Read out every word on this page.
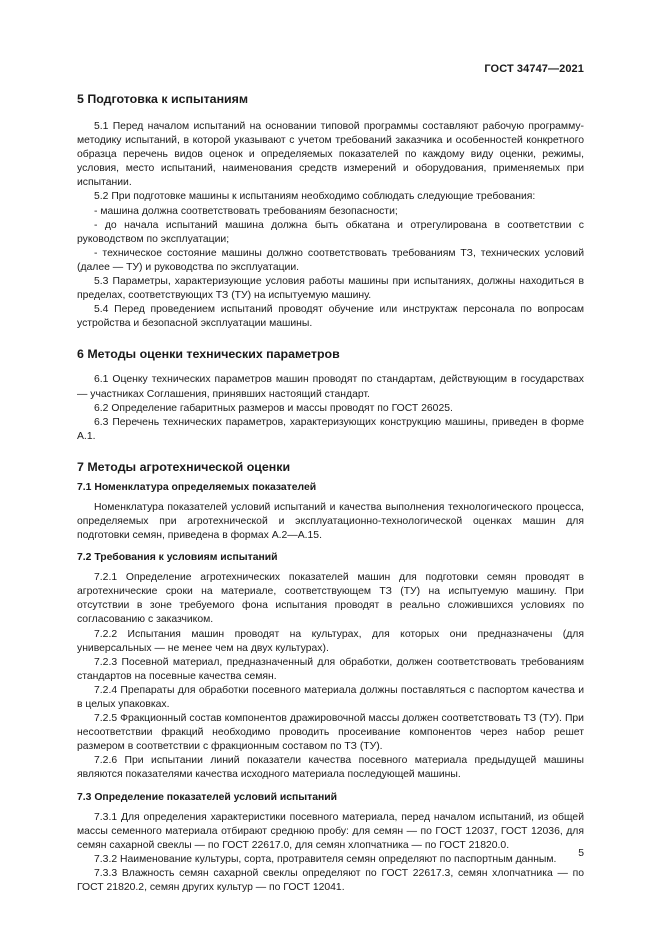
ГОСТ 34747—2021
5 Подготовка к испытаниям

5.1 Перед началом испытаний на основании типовой программы составляют рабочую программу-методику испытаний, в которой указывают с учетом требований заказчика и особенностей конкретного образца перечень видов оценок и определяемых показателей по каждому виду оценки, режимы, условия, место испытаний, наименования средств измерений и оборудования, применяемых при испытании.

5.2 При подготовке машины к испытаниям необходимо соблюдать следующие требования:

- машина должна соответствовать требованиям безопасности;

- до начала испытаний машина должна быть обкатана и отрегулирована в соответствии с руководством по эксплуатации;

- техническое состояние машины должно соответствовать требованиям ТЗ, технических условий (далее — ТУ) и руководства по эксплуатации.

5.3 Параметры, характеризующие условия работы машины при испытаниях, должны находиться в пределах, соответствующих ТЗ (ТУ) на испытуемую машину.

5.4 Перед проведением испытаний проводят обучение или инструктаж персонала по вопросам устройства и безопасной эксплуатации машины.

6 Методы оценки технических параметров

6.1 Оценку технических параметров машин проводят по стандартам, действующим в государствах — участниках Соглашения, принявших настоящий стандарт.

6.2 Определение габаритных размеров и массы проводят по ГОСТ 26025.

6.3 Перечень технических параметров, характеризующих конструкцию машины, приведен в форме А.1.

7 Методы агротехнической оценки
7.1 Номенклатура определяемых показателей

Номенклатура показателей условий испытаний и качества выполнения технологического процесса, определяемых при агротехнической и эксплуатационно-технологической оценках машин для подготовки семян, приведена в формах А.2—А.15.

7.2 Требования к условиям испытаний

7.2.1 Определение агротехнических показателей машин для подготовки семян проводят в агротехнические сроки на материале, соответствующем ТЗ (ТУ) на испытуемую машину. При отсутствии в зоне требуемого фона испытания проводят в реально сложившихся условиях по согласованию с заказчиком.

7.2.2 Испытания машин проводят на культурах, для которых они предназначены (для универсальных — не менее чем на двух культурах).

7.2.3 Посевной материал, предназначенный для обработки, должен соответствовать требованиям стандартов на посевные качества семян.

7.2.4 Препараты для обработки посевного материала должны поставляться с паспортом качества и в целых упаковках.

7.2.5 Фракционный состав компонентов дражировочной массы должен соответствовать ТЗ (ТУ). При несоответствии фракций необходимо проводить просеивание компонентов через набор решет размером в соответствии с фракционным составом по ТЗ (ТУ).

7.2.6 При испытании линий показатели качества посевного материала предыдущей машины являются показателями качества исходного материала последующей машины.

7.3 Определение показателей условий испытаний

7.3.1 Для определения характеристики посевного материала, перед началом испытаний, из общей массы семенного материала отбирают среднюю пробу: для семян — по ГОСТ 12037, ГОСТ 12036, для семян сахарной свеклы — по ГОСТ 22617.0, для семян хлопчатника — по ГОСТ 21820.0.

7.3.2 Наименование культуры, сорта, протравителя семян определяют по паспортным данным.

7.3.3 Влажность семян сахарной свеклы определяют по ГОСТ 22617.3, семян хлопчатника — по ГОСТ 21820.2, семян других культур — по ГОСТ 12041.

5
